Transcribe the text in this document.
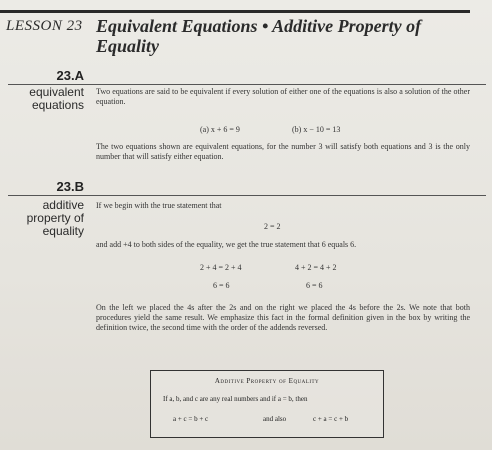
LESSON 23 Equivalent Equations • Additive Property of Equality
23.A
equivalent
equations
Two equations are said to be equivalent if every solution of either one of the equations is also a solution of the other equation.
(a) x + 6 = 9	(b) x − 10 = 13
The two equations shown are equivalent equations, for the number 3 will satisfy both equations and 3 is the only number that will satisfy either equation.
23.B
additive
property of
equality
If we begin with the true statement that
2 = 2
and add +4 to both sides of the equality, we get the true statement that 6 equals 6.
2 + 4 = 2 + 4	4 + 2 = 4 + 2
6 = 6	6 = 6
On the left we placed the 4s after the 2s and on the right we placed the 4s before the 2s. We note that both procedures yield the same result. We emphasize this fact in the formal definition given in the box by writing the definition twice, the second time with the order of the addends reversed.
Additive Property of Equality
If a, b, and c are any real numbers and if a = b, then
a + c = b + c	and also	c + a = c + b
